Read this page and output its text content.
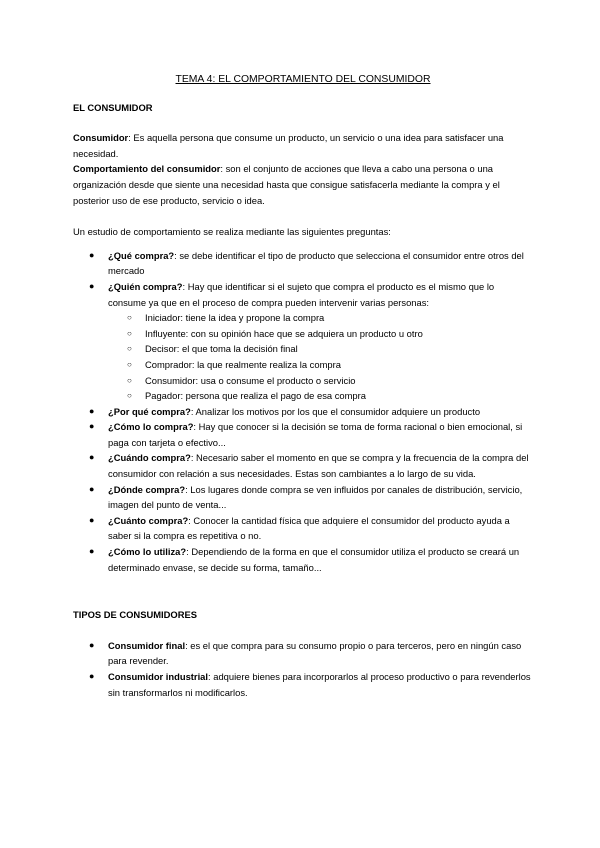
TEMA 4: EL COMPORTAMIENTO DEL CONSUMIDOR
EL CONSUMIDOR

Consumidor: Es aquella persona que consume un producto, un servicio o una idea para satisfacer una necesidad.

Comportamiento del consumidor: son el conjunto de acciones que lleva a cabo una persona o una organización desde que siente una necesidad hasta que consigue satisfacerla mediante la compra y el posterior uso de ese producto, servicio o idea.

Un estudio de comportamiento se realiza mediante las siguientes preguntas:

● ¿Qué compra?: se debe identificar el tipo de producto que selecciona el consumidor entre otros del mercado
● ¿Quién compra?: Hay que identificar si el sujeto que compra el producto es el mismo que lo consume ya que en el proceso de compra pueden intervenir varias personas:
○ Iniciador: tiene la idea y propone la compra
○ Influyente: con su opinión hace que se adquiera un producto u otro
○ Decisor: el que toma la decisión final
○ Comprador: la que realmente realiza la compra
○ Consumidor: usa o consume el producto o servicio
○ Pagador: persona que realiza el pago de esa compra
● ¿Por qué compra?: Analizar los motivos por los que el consumidor adquiere un producto
● ¿Cómo lo compra?: Hay que conocer si la decisión se toma de forma racional o bien emocional, si paga con tarjeta o efectivo...
● ¿Cuándo compra?: Necesario saber el momento en que se compra y la frecuencia de la compra del consumidor con relación a sus necesidades. Estas son cambiantes a lo largo de su vida.
● ¿Dónde compra?: Los lugares donde compra se ven influidos por canales de distribución, servicio, imagen del punto de venta...
● ¿Cuánto compra?: Conocer la cantidad física que adquiere el consumidor del producto ayuda a saber si la compra es repetitiva o no.
● ¿Cómo lo utiliza?: Dependiendo de la forma en que el consumidor utiliza el producto se creará un determinado envase, se decide su forma, tamaño...
TIPOS DE CONSUMIDORES
● Consumidor final: es el que compra para su consumo propio o para terceros, pero en ningún caso para revender.
● Consumidor industrial: adquiere bienes para incorporarlos al proceso productivo o para revenderlos sin transformarlos ni modificarlos.
